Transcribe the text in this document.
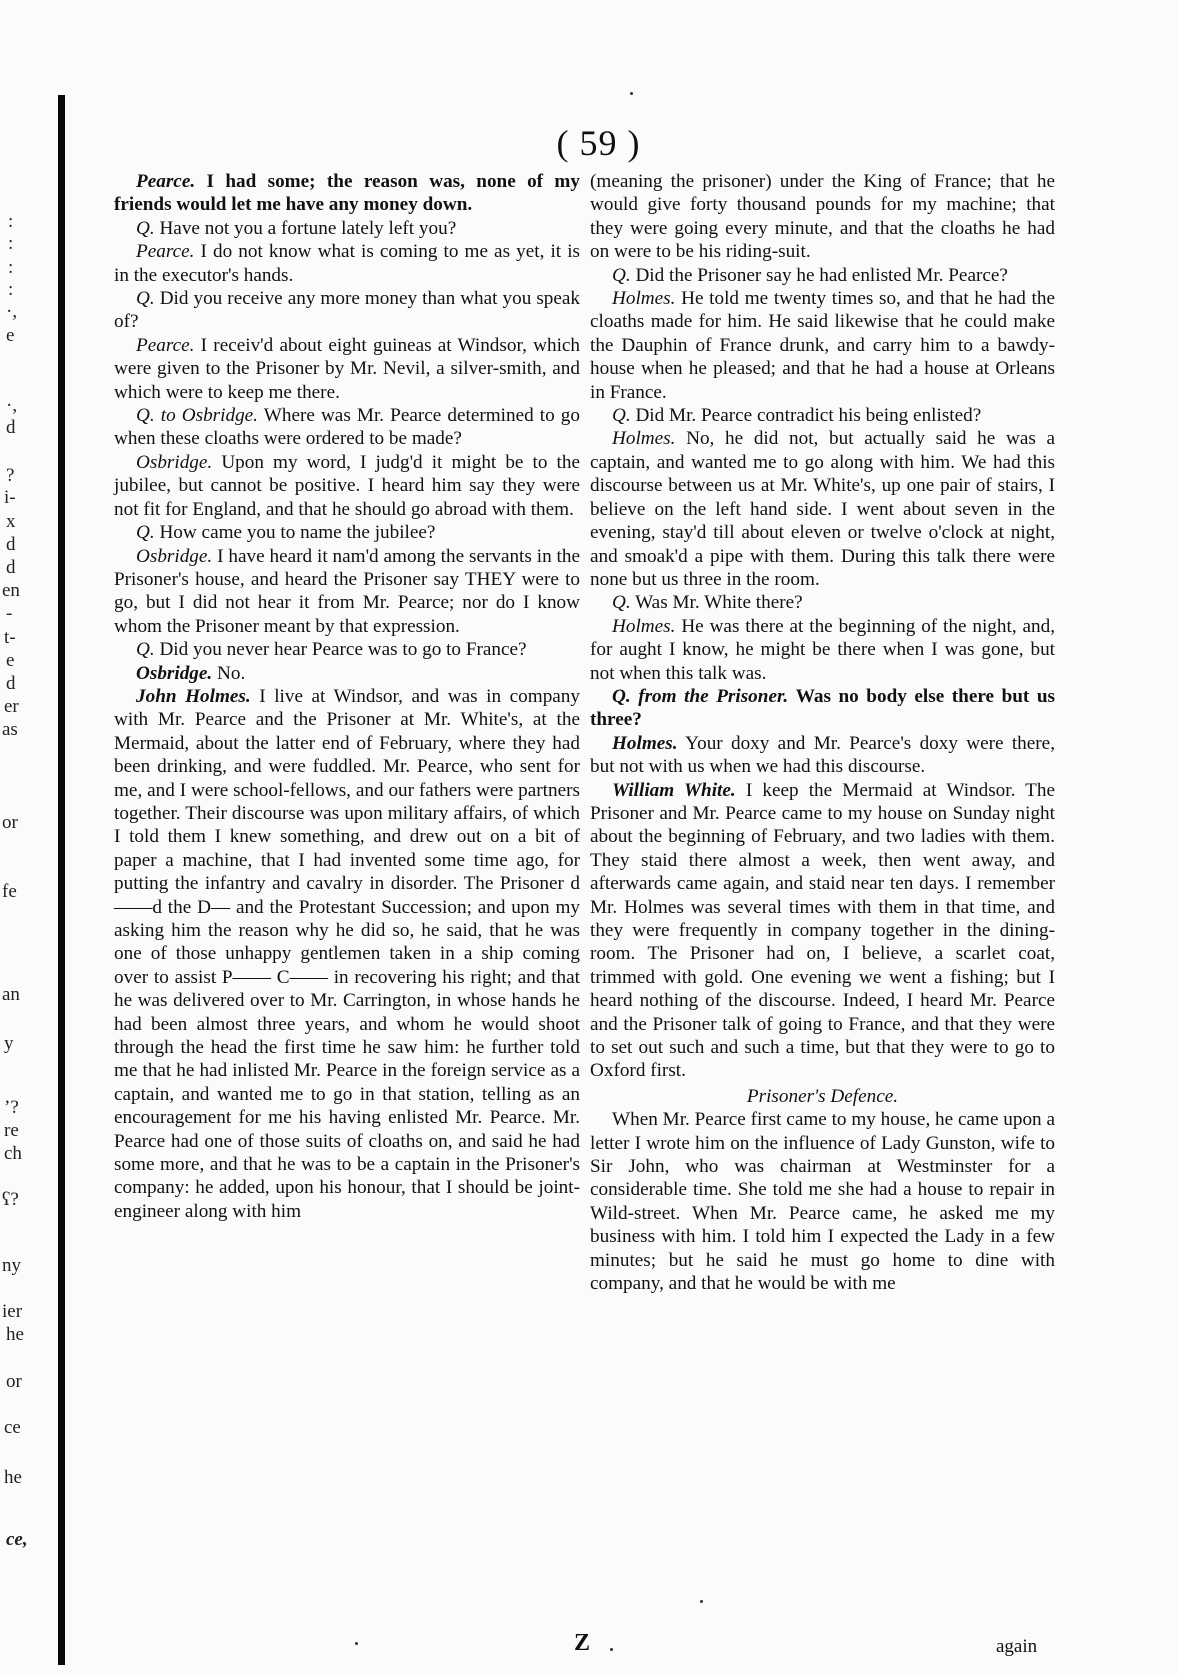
:
:
:
:
·,
e
·,
d
?
i-
x
d
d
en
-
t-
e
d
er
as
or
fe
an
y
’?
re
ch
ʕ?
ny
ier
he
or
ce
he
ce,
( 59 )

Pearce. I had some; the reason was, none of my friends would let me have any money down.

Q. Have not you a fortune lately left you?

Pearce. I do not know what is coming to me as yet, it is in the executor's hands.

Q. Did you receive any more money than what you speak of?

Pearce. I receiv'd about eight guineas at Windsor, which were given to the Prisoner by Mr. Nevil, a silver-smith, and which were to keep me there.

Q. to Osbridge. Where was Mr. Pearce determined to go when these cloaths were ordered to be made?

Osbridge. Upon my word, I judg'd it might be to the jubilee, but cannot be positive. I heard him say they were not fit for England, and that he should go abroad with them.

Q. How came you to name the jubilee?

Osbridge. I have heard it nam'd among the servants in the Prisoner's house, and heard the Prisoner say THEY were to go, but I did not hear it from Mr. Pearce; nor do I know whom the Prisoner meant by that expression.

Q. Did you never hear Pearce was to go to France?

Osbridge. No.

John Holmes. I live at Windsor, and was in company with Mr. Pearce and the Prisoner at Mr. White's, at the Mermaid, about the latter end of February, where they had been drinking, and were fuddled. Mr. Pearce, who sent for me, and I were school-fellows, and our fathers were partners together. Their discourse was upon military affairs, of which I told them I knew something, and drew out on a bit of paper a machine, that I had invented some time ago, for putting the infantry and cavalry in disorder. The Prisoner d——d the D— and the Protestant Succession; and upon my asking him the reason why he did so, he said, that he was one of those unhappy gentlemen taken in a ship coming over to assist P—— C—— in recovering his right; and that he was delivered over to Mr. Carrington, in whose hands he had been almost three years, and whom he would shoot through the head the first time he saw him: he further told me that he had inlisted Mr. Pearce in the foreign service as a captain, and wanted me to go in that station, telling as an encouragement for me his having enlisted Mr. Pearce. Mr. Pearce had one of those suits of cloaths on, and said he had some more, and that he was to be a captain in the Prisoner's company: he added, upon his honour, that I should be joint-engineer along with him

(meaning the prisoner) under the King of France; that he would give forty thousand pounds for my machine; that they were going every minute, and that the cloaths he had on were to be his riding-suit.

Q. Did the Prisoner say he had enlisted Mr. Pearce?

Holmes. He told me twenty times so, and that he had the cloaths made for him. He said likewise that he could make the Dauphin of France drunk, and carry him to a bawdy-house when he pleased; and that he had a house at Orleans in France.

Q. Did Mr. Pearce contradict his being enlisted?

Holmes. No, he did not, but actually said he was a captain, and wanted me to go along with him. We had this discourse between us at Mr. White's, up one pair of stairs, I believe on the left hand side. I went about seven in the evening, stay'd till about eleven or twelve o'clock at night, and smoak'd a pipe with them. During this talk there were none but us three in the room.

Q. Was Mr. White there?

Holmes. He was there at the beginning of the night, and, for aught I know, he might be there when I was gone, but not when this talk was.

Q. from the Prisoner. Was no body else there but us three?

Holmes. Your doxy and Mr. Pearce's doxy were there, but not with us when we had this discourse.

William White. I keep the Mermaid at Windsor. The Prisoner and Mr. Pearce came to my house on Sunday night about the beginning of February, and two ladies with them. They staid there almost a week, then went away, and afterwards came again, and staid near ten days. I remember Mr. Holmes was several times with them in that time, and they were frequently in company together in the dining-room. The Prisoner had on, I believe, a scarlet coat, trimmed with gold. One evening we went a fishing; but I heard nothing of the discourse. Indeed, I heard Mr. Pearce and the Prisoner talk of going to France, and that they were to set out such and such a time, but that they were to go to Oxford first.

Prisoner's Defence.

When Mr. Pearce first came to my house, he came upon a letter I wrote him on the influence of Lady Gunston, wife to Sir John, who was chairman at Westminster for a considerable time. She told me she had a house to repair in Wild-street. When Mr. Pearce came, he asked me my business with him. I told him I expected the Lady in a few minutes; but he said he must go home to dine with company, and that he would be with me

Z	again
